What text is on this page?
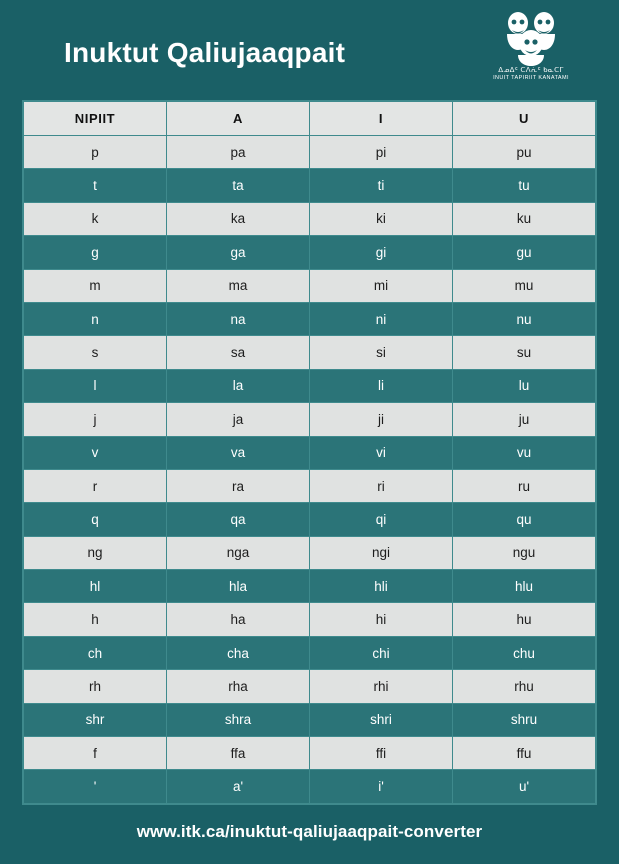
Inuktut Qaliujaaqpait
ᐃᓄᐃᑦ ᑕᐱᕇᑦ ᑲᓇᑕᒥ
INUIT TAPIRIIT KANATAMI
NIPIIT	A	I	U
p	pa	pi	pu
t	ta	ti	tu
k	ka	ki	ku
g	ga	gi	gu
m	ma	mi	mu
n	na	ni	nu
s	sa	si	su
l	la	li	lu
j	ja	ji	ju
v	va	vi	vu
r	ra	ri	ru
q	qa	qi	qu
ng	nga	ngi	ngu
hl	hla	hli	hlu
h	ha	hi	hu
ch	cha	chi	chu
rh	rha	rhi	rhu
shr	shra	shri	shru
f	ffa	ffi	ffu
'	a'	i'	u'
www.itk.ca/inuktut-qaliujaaqpait-converter
